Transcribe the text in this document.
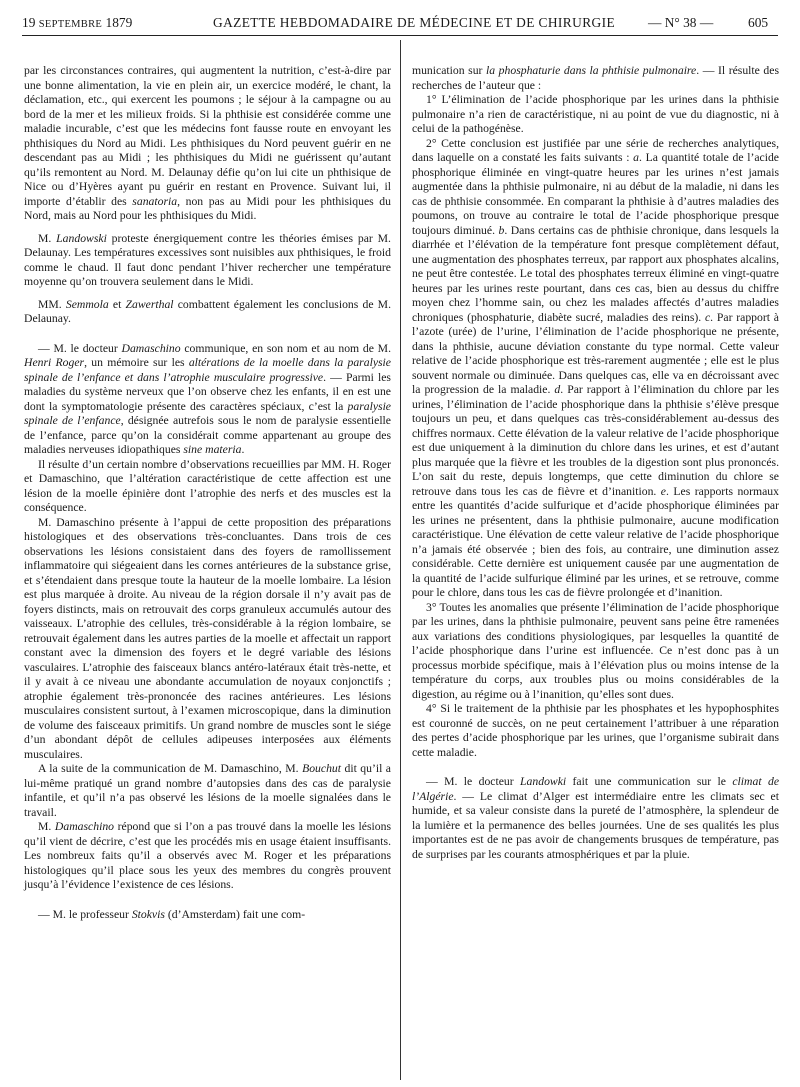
19 SEPTEMBRE 1879	GAZETTE HEBDOMADAIRE DE MÉDECINE ET DE CHIRURGIE — N° 38 —	605

par les circonstances contraires, qui augmentent la nutrition, c’est-à-dire par une bonne alimentation, la vie en plein air, un exercice modéré, le chant, la déclamation, etc., qui exercent les poumons ; le séjour à la campagne ou au bord de la mer et les milieux froids. Si la phthisie est considérée comme une maladie incurable, c’est que les médecins font fausse route en envoyant les phthisiques du Nord au Midi. Les phthisiques du Nord peuvent guérir en ne descendant pas au Midi ; les phthisiques du Midi ne guérissent qu’autant qu’ils remontent au Nord. M. Delaunay défie qu’on lui cite un phthisique de Nice ou d’Hyères ayant pu guérir en restant en Provence. Suivant lui, il importe d’établir des sanatoria, non pas au Midi pour les phthisiques du Nord, mais au Nord pour les phthisiques du Midi.

M. Landowski proteste énergiquement contre les théories émises par M. Delaunay. Les températures excessives sont nuisibles aux phthisiques, le froid comme le chaud. Il faut donc pendant l’hiver rechercher une température moyenne qu’on trouvera seulement dans le Midi.

MM. Semmola et Zawerthal combattent également les conclusions de M. Delaunay.

— M. le docteur Damaschino communique, en son nom et au nom de M. Henri Roger, un mémoire sur les altérations de la moelle dans la paralysie spinale de l’enfance et dans l’atrophie musculaire progressive. — Parmi les maladies du système nerveux que l’on observe chez les enfants, il en est une dont la symptomatologie présente des caractères spéciaux, c’est la paralysie spinale de l’enfance, désignée autrefois sous le nom de paralysie essentielle de l’enfance, parce qu’on la considérait comme appartenant au groupe des maladies nerveuses idiopathiques sine materia.

Il résulte d’un certain nombre d’observations recueillies par MM. H. Roger et Damaschino, que l’altération caractéristique de cette affection est une lésion de la moelle épinière dont l’atrophie des nerfs et des muscles est la conséquence.

M. Damaschino présente à l’appui de cette proposition des préparations histologiques et des observations très-concluantes. Dans trois de ces observations les lésions consistaient dans des foyers de ramollissement inflammatoire qui siégeaient dans les cornes antérieures de la substance grise, et s’étendaient dans presque toute la hauteur de la moelle lombaire. La lésion est plus marquée à droite. Au niveau de la région dorsale il n’y avait pas de foyers distincts, mais on retrouvait des corps granuleux accumulés autour des vaisseaux. L’atrophie des cellules, très-considérable à la région lombaire, se retrouvait également dans les autres parties de la moelle et affectait un rapport constant avec la dimension des foyers et le degré variable des lésions vasculaires. L’atrophie des faisceaux blancs antéro-latéraux était très-nette, et il y avait à ce niveau une abondante accumulation de noyaux conjonctifs ; atrophie également très-prononcée des racines antérieures. Les lésions musculaires consistent surtout, à l’examen microscopique, dans la diminution de volume des faisceaux primitifs. Un grand nombre de muscles sont le siége d’un abondant dépôt de cellules adipeuses interposées aux éléments musculaires.

A la suite de la communication de M. Damaschino, M. Bouchut dit qu’il a lui-même pratiqué un grand nombre d’autopsies dans des cas de paralysie infantile, et qu’il n’a pas observé les lésions de la moelle signalées dans le travail.

M. Damaschino répond que si l’on a pas trouvé dans la moelle les lésions qu’il vient de décrire, c’est que les procédés mis en usage étaient insuffisants. Les nombreux faits qu’il a observés avec M. Roger et les préparations histologiques qu’il place sous les yeux des membres du congrès prouvent jusqu’à l’évidence l’existence de ces lésions.

— M. le professeur Stokvis (d’Amsterdam) fait une com-

munication sur la phosphaturie dans la phthisie pulmonaire. — Il résulte des recherches de l’auteur que :

1° L’élimination de l’acide phosphorique par les urines dans la phthisie pulmonaire n’a rien de caractéristique, ni au point de vue du diagnostic, ni à celui de la pathogénèse.

2° Cette conclusion est justifiée par une série de recherches analytiques, dans laquelle on a constaté les faits suivants : a. La quantité totale de l’acide phosphorique éliminée en vingt-quatre heures par les urines n’est jamais augmentée dans la phthisie pulmonaire, ni au début de la maladie, ni dans les cas de phthisie consommée. En comparant la phthisie à d’autres maladies des poumons, on trouve au contraire le total de l’acide phosphorique presque toujours diminué. b. Dans certains cas de phthisie chronique, dans lesquels la diarrhée et l’élévation de la température font presque complètement défaut, une augmentation des phosphates terreux, par rapport aux phosphates alcalins, ne peut être contestée. Le total des phosphates terreux éliminé en vingt-quatre heures par les urines reste pourtant, dans ces cas, bien au dessus du chiffre moyen chez l’homme sain, ou chez les malades affectés d’autres maladies chroniques (phosphaturie, diabète sucré, maladies des reins). c. Par rapport à l’azote (urée) de l’urine, l’élimination de l’acide phosphorique ne présente, dans la phthisie, aucune déviation constante du type normal. Cette valeur relative de l’acide phosphorique est très-rarement augmentée ; elle est le plus souvent normale ou diminuée. Dans quelques cas, elle va en décroissant avec la progression de la maladie. d. Par rapport à l’élimination du chlore par les urines, l’élimination de l’acide phosphorique dans la phthisie s’élève presque toujours un peu, et dans quelques cas très-considérablement au-dessus des chiffres normaux. Cette élévation de la valeur relative de l’acide phosphorique est due uniquement à la diminution du chlore dans les urines, et est d’autant plus marquée que la fièvre et les troubles de la digestion sont plus prononcés. L’on sait du reste, depuis longtemps, que cette diminution du chlore se retrouve dans tous les cas de fièvre et d’inanition. e. Les rapports normaux entre les quantités d’acide sulfurique et d’acide phosphorique éliminées par les urines ne présentent, dans la phthisie pulmonaire, aucune modification caractéristique. Une élévation de cette valeur relative de l’acide phosphorique n’a jamais été observée ; bien des fois, au contraire, une diminution assez considérable. Cette dernière est uniquement causée par une augmentation de la quantité de l’acide sulfurique éliminé par les urines, et se retrouve, comme pour le chlore, dans tous les cas de fièvre prolongée et d’inanition.

3° Toutes les anomalies que présente l’élimination de l’acide phosphorique par les urines, dans la phthisie pulmonaire, peuvent sans peine être ramenées aux variations des conditions physiologiques, par lesquelles la quantité de l’acide phosphorique dans l’urine est influencée. Ce n’est donc pas à un processus morbide spécifique, mais à l’élévation plus ou moins intense de la température du corps, aux troubles plus ou moins considérables de la digestion, au régime ou à l’inanition, qu’elles sont dues.

4° Si le traitement de la phthisie par les phosphates et les hypophosphites est couronné de succès, on ne peut certainement l’attribuer à une réparation des pertes d’acide phosphorique par les urines, que l’organisme subirait dans cette maladie.

— M. le docteur Landowki fait une communication sur le climat de l’Algérie. — Le climat d’Alger est intermédiaire entre les climats sec et humide, et sa valeur consiste dans la pureté de l’atmosphère, la splendeur de la lumière et la permanence des belles journées. Une de ses qualités les plus importantes est de ne pas avoir de changements brusques de température, pas de surprises par les courants atmosphériques et par la pluie.
